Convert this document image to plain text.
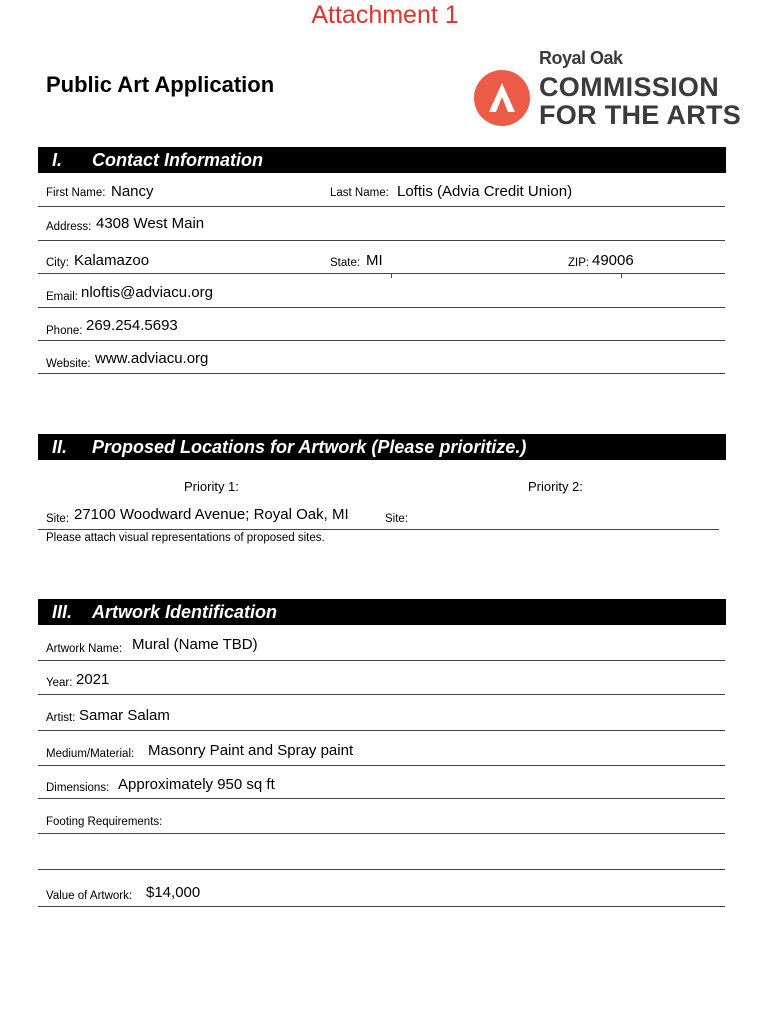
Attachment 1
Public Art Application
Royal Oak
COMMISSION
FOR THE ARTS
I. Contact Information
First Name: Nancy	Last Name: Loftis (Advia Credit Union)
Address: 4308 West Main
City: Kalamazoo	State: MI	ZIP: 49006
Email: nloftis@adviacu.org
Phone: 269.254.5693
Website: www.adviacu.org
II. Proposed Locations for Artwork (Please prioritize.)
Priority 1:	Priority 2:
Site: 27100 Woodward Avenue; Royal Oak, MI	Site:
Please attach visual representations of proposed sites.
III. Artwork Identification
Artwork Name: Mural (Name TBD)
Year: 2021
Artist: Samar Salam
Medium/Material: Masonry Paint and Spray paint
Dimensions: Approximately 950 sq ft
Footing Requirements:
Value of Artwork: $14,000
